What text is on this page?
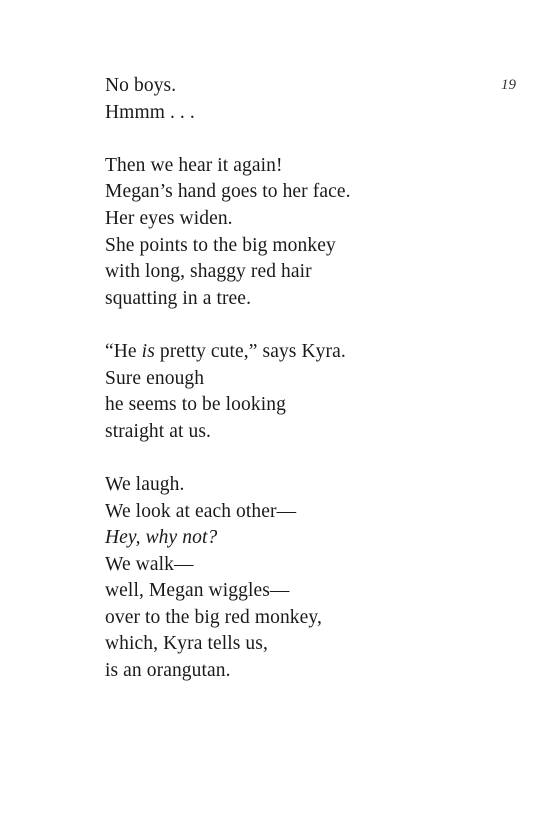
19
No boys.
Hmmm . . .
Then we hear it again!
Megan’s hand goes to her face.
Her eyes widen.
She points to the big monkey
with long, shaggy red hair
squatting in a tree.
“He is pretty cute,” says Kyra.
Sure enough
he seems to be looking
straight at us.
We laugh.
We look at each other—
Hey, why not?
We walk—
well, Megan wiggles—
over to the big red monkey,
which, Kyra tells us,
is an orangutan.
